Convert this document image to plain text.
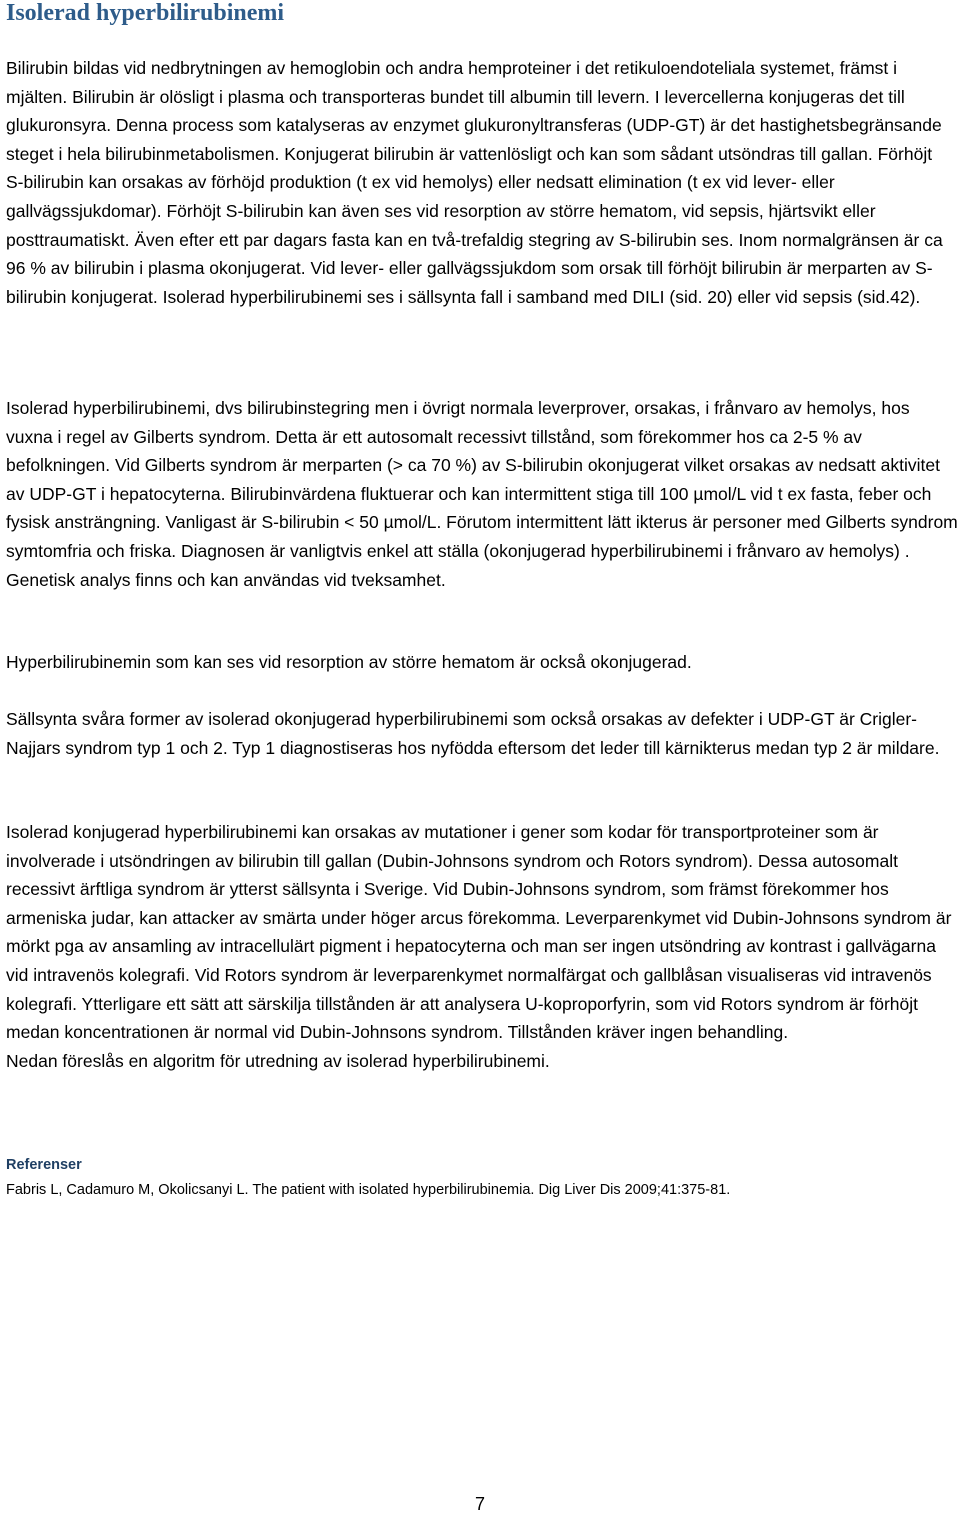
Isolerad hyperbilirubinemi

Bilirubin bildas vid nedbrytningen av hemoglobin och andra hemproteiner i det retikuloendoteliala systemet, främst i mjälten. Bilirubin är olösligt i plasma och transporteras bundet till albumin till levern. I levercellerna konjugeras det till glukuronsyra. Denna process som katalyseras av enzymet glukuronyltransferas (UDP-GT) är det hastighetsbegränsande steget i hela bilirubinmetabolismen. Konjugerat bilirubin är vattenlösligt och kan som sådant utsöndras till gallan. Förhöjt S-bilirubin kan orsakas av förhöjd produktion (t ex vid hemolys) eller nedsatt elimination (t ex vid lever- eller gallvägssjukdomar). Förhöjt S-bilirubin kan även ses vid resorption av större hematom, vid sepsis, hjärtsvikt eller posttraumatiskt. Även efter ett par dagars fasta kan en två-trefaldig stegring av S-bilirubin ses. Inom normalgränsen är ca 96 % av bilirubin i plasma okonjugerat. Vid lever- eller gallvägssjukdom som orsak till förhöjt bilirubin är merparten av S-bilirubin konjugerat. Isolerad hyperbilirubinemi ses i sällsynta fall i samband med DILI (sid. 20) eller vid sepsis (sid.42).

Isolerad hyperbilirubinemi, dvs bilirubinstegring men i övrigt normala leverprover, orsakas, i frånvaro av hemolys, hos vuxna i regel av Gilberts syndrom. Detta är ett autosomalt recessivt tillstånd, som förekommer hos ca 2-5 % av befolkningen. Vid Gilberts syndrom är merparten (> ca 70 %) av S-bilirubin okonjugerat vilket orsakas av nedsatt aktivitet av UDP-GT i hepatocyterna. Bilirubinvärdena fluktuerar och kan intermittent stiga till 100 µmol/L vid t ex fasta, feber och fysisk ansträngning. Vanligast är S-bilirubin < 50 µmol/L. Förutom intermittent lätt ikterus är personer med Gilberts syndrom symtomfria och friska. Diagnosen är vanligtvis enkel att ställa (okonjugerad hyperbilirubinemi i frånvaro av hemolys) . Genetisk analys finns och kan användas vid tveksamhet.

Hyperbilirubinemin som kan ses vid resorption av större hematom är också okonjugerad.

Sällsynta svåra former av isolerad okonjugerad hyperbilirubinemi som också orsakas av defekter i UDP-GT är Crigler-Najjars syndrom typ 1 och 2. Typ 1 diagnostiseras hos nyfödda eftersom det leder till kärnikterus medan typ 2 är mildare.

Isolerad konjugerad hyperbilirubinemi kan orsakas av mutationer i gener som kodar för transportproteiner som är involverade i utsöndringen av bilirubin till gallan (Dubin-Johnsons syndrom och Rotors syndrom). Dessa autosomalt recessivt ärftliga syndrom är ytterst sällsynta i Sverige. Vid Dubin-Johnsons syndrom, som främst förekommer hos armeniska judar, kan attacker av smärta under höger arcus förekomma. Leverparenkymet vid Dubin-Johnsons syndrom är mörkt pga av ansamling av intracellulärt pigment i hepatocyterna och man ser ingen utsöndring av kontrast i gallvägarna vid intravenös kolegrafi. Vid Rotors syndrom är leverparenkymet normalfärgat och gallblåsan visualiseras vid intravenös kolegrafi. Ytterligare ett sätt att särskilja tillstånden är att analysera U-koproporfyrin, som vid Rotors syndrom är förhöjt medan koncentrationen är normal vid Dubin-Johnsons syndrom. Tillstånden kräver ingen behandling.
Nedan föreslås en algoritm för utredning av isolerad hyperbilirubinemi.

Referenser

Fabris L, Cadamuro M, Okolicsanyi L. The patient with isolated hyperbilirubinemia. Dig Liver Dis 2009;41:375-81.

7
